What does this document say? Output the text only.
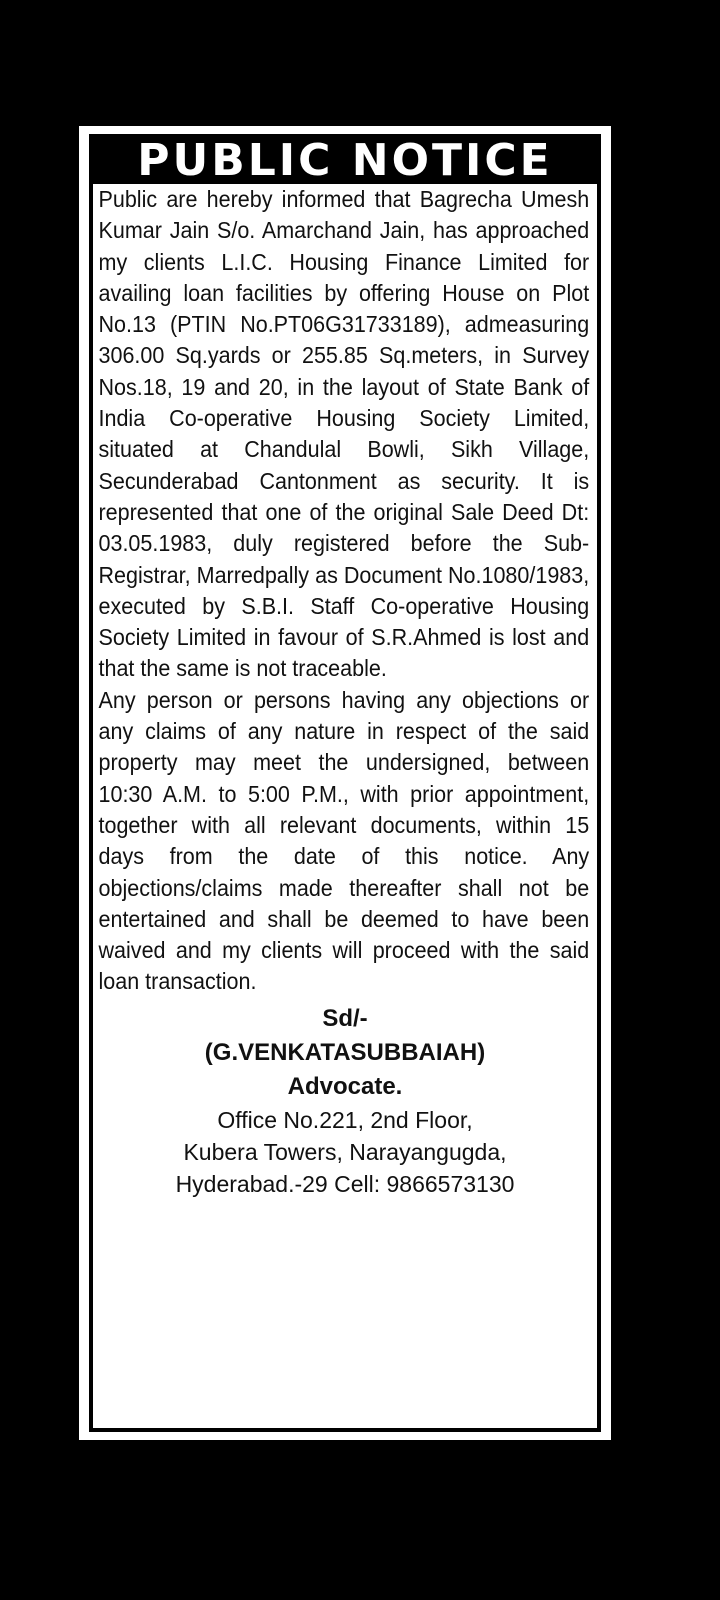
PUBLIC NOTICE

Public are hereby informed that Bagrecha Umesh Kumar Jain S/o. Amarchand Jain, has approached my clients L.I.C. Housing Finance Limited for availing loan facilities by offering House on Plot No.13 (PTIN No.PT06G31733189), admeasuring 306.00 Sq.yards or 255.85 Sq.meters, in Survey Nos.18, 19 and 20, in the layout of State Bank of India Co-operative Housing Society Limited, situated at Chandulal Bowli, Sikh Village, Secunderabad Cantonment as security. It is represented that one of the original Sale Deed Dt: 03.05.1983, duly registered before the Sub-Registrar, Marredpally as Document No.1080/1983, executed by S.B.I. Staff Co-operative Housing Society Limited in favour of S.R.Ahmed is lost and that the same is not traceable.

Any person or persons having any objections or any claims of any nature in respect of the said property may meet the undersigned, between 10:30 A.M. to 5:00 P.M., with prior appointment, together with all relevant documents, within 15 days from the date of this notice. Any objections/claims made thereafter shall not be entertained and shall be deemed to have been waived and my clients will proceed with the said loan transaction.

Sd/-
(G.VENKATASUBBAIAH)
Advocate.
Office No.221, 2nd Floor,
Kubera Towers, Narayangugda,
Hyderabad.-29 Cell: 9866573130
